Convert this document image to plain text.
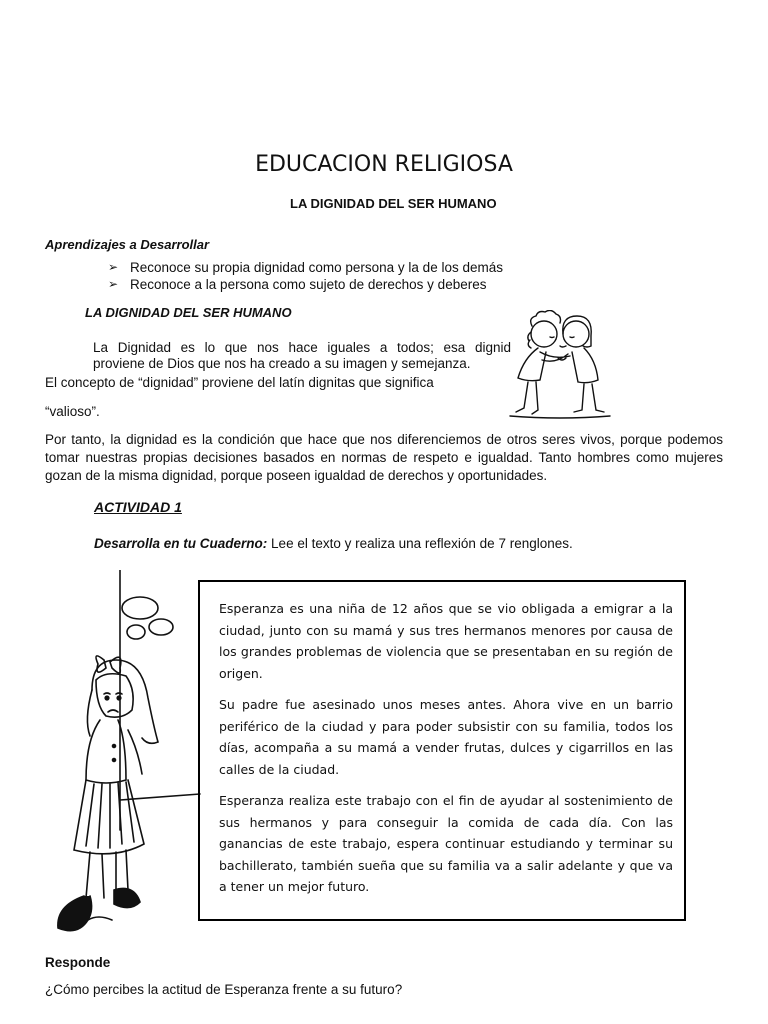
EDUCACION RELIGIOSA
LA DIGNIDAD DEL SER HUMANO
Aprendizajes a Desarrollar
➢ Reconoce su propia dignidad como persona y la de los demás
➢ Reconoce a la persona como sujeto de derechos y deberes
LA DIGNIDAD DEL SER HUMANO
La Dignidad es lo que nos hace iguales a todos; esa dignid
proviene de Dios que nos ha creado a su imagen y semejanza.
El concepto de “dignidad” proviene del latín dignitas que significa
“valioso”.
Por tanto, la dignidad es la condición que hace que nos diferenciemos de otros seres vivos, porque podemos tomar nuestras propias decisiones basados en normas de respeto e igualdad. Tanto hombres como mujeres gozan de la misma dignidad, porque poseen igualdad de derechos y oportunidades.
ACTIVIDAD 1
Desarrolla en tu Cuaderno: Lee el texto y realiza una reflexión de 7 renglones.

Esperanza es una niña de 12 años que se vio obligada a emigrar a la ciudad, junto con su mamá y sus tres hermanos menores por causa de los grandes problemas de violencia que se presentaban en su región de origen.

Su padre fue asesinado unos meses antes. Ahora vive en un barrio periférico de la ciudad y para poder subsistir con su familia, todos los días, acompaña a su mamá a vender frutas, dulces y cigarrillos en las calles de la ciudad.

Esperanza realiza este trabajo con el fin de ayudar al sostenimiento de sus hermanos y para conseguir la comida de cada día. Con las ganancias de este trabajo, espera continuar estudiando y terminar su bachillerato, también sueña que su familia va a salir adelante y que va a tener un mejor futuro.

Responde
¿Cómo percibes la actitud de Esperanza frente a su futuro?
